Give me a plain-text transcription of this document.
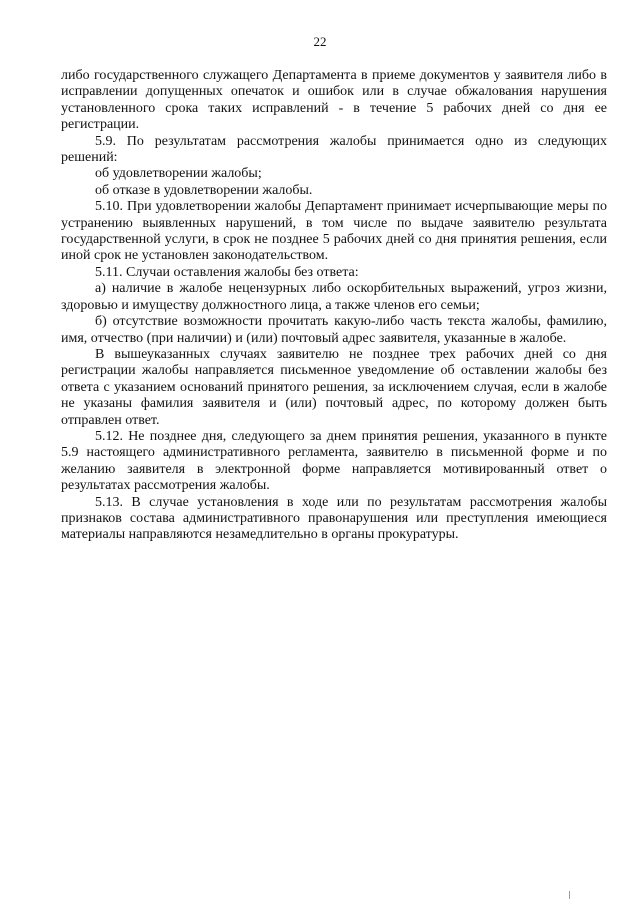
22

либо государственного служащего Департамента в приеме документов у заявителя либо в исправлении допущенных опечаток и ошибок или в случае обжалования нарушения установленного срока таких исправлений - в течение 5 рабочих дней со дня ее регистрации.

5.9. По результатам рассмотрения жалобы принимается одно из следующих решений:

об удовлетворении жалобы;

об отказе в удовлетворении жалобы.

5.10. При удовлетворении жалобы Департамент принимает исчерпывающие меры по устранению выявленных нарушений, в том числе по выдаче заявителю результата государственной услуги, в срок не позднее 5 рабочих дней со дня принятия решения, если иной срок не установлен законодательством.

5.11. Случаи оставления жалобы без ответа:

а) наличие в жалобе нецензурных либо оскорбительных выражений, угроз жизни, здоровью и имуществу должностного лица, а также членов его семьи;

б) отсутствие возможности прочитать какую-либо часть текста жалобы, фамилию, имя, отчество (при наличии) и (или) почтовый адрес заявителя, указанные в жалобе.

В вышеуказанных случаях заявителю не позднее трех рабочих дней со дня регистрации жалобы направляется письменное уведомление об оставлении жалобы без ответа с указанием оснований принятого решения, за исключением случая, если в жалобе не указаны фамилия заявителя и (или) почтовый адрес, по которому должен быть отправлен ответ.

5.12. Не позднее дня, следующего за днем принятия решения, указанного в пункте 5.9 настоящего административного регламента, заявителю в письменной форме и по желанию заявителя в электронной форме направляется мотивированный ответ о результатах рассмотрения жалобы.

5.13. В случае установления в ходе или по результатам рассмотрения жалобы признаков состава административного правонарушения или преступления имеющиеся материалы направляются незамедлительно в органы прокуратуры.
